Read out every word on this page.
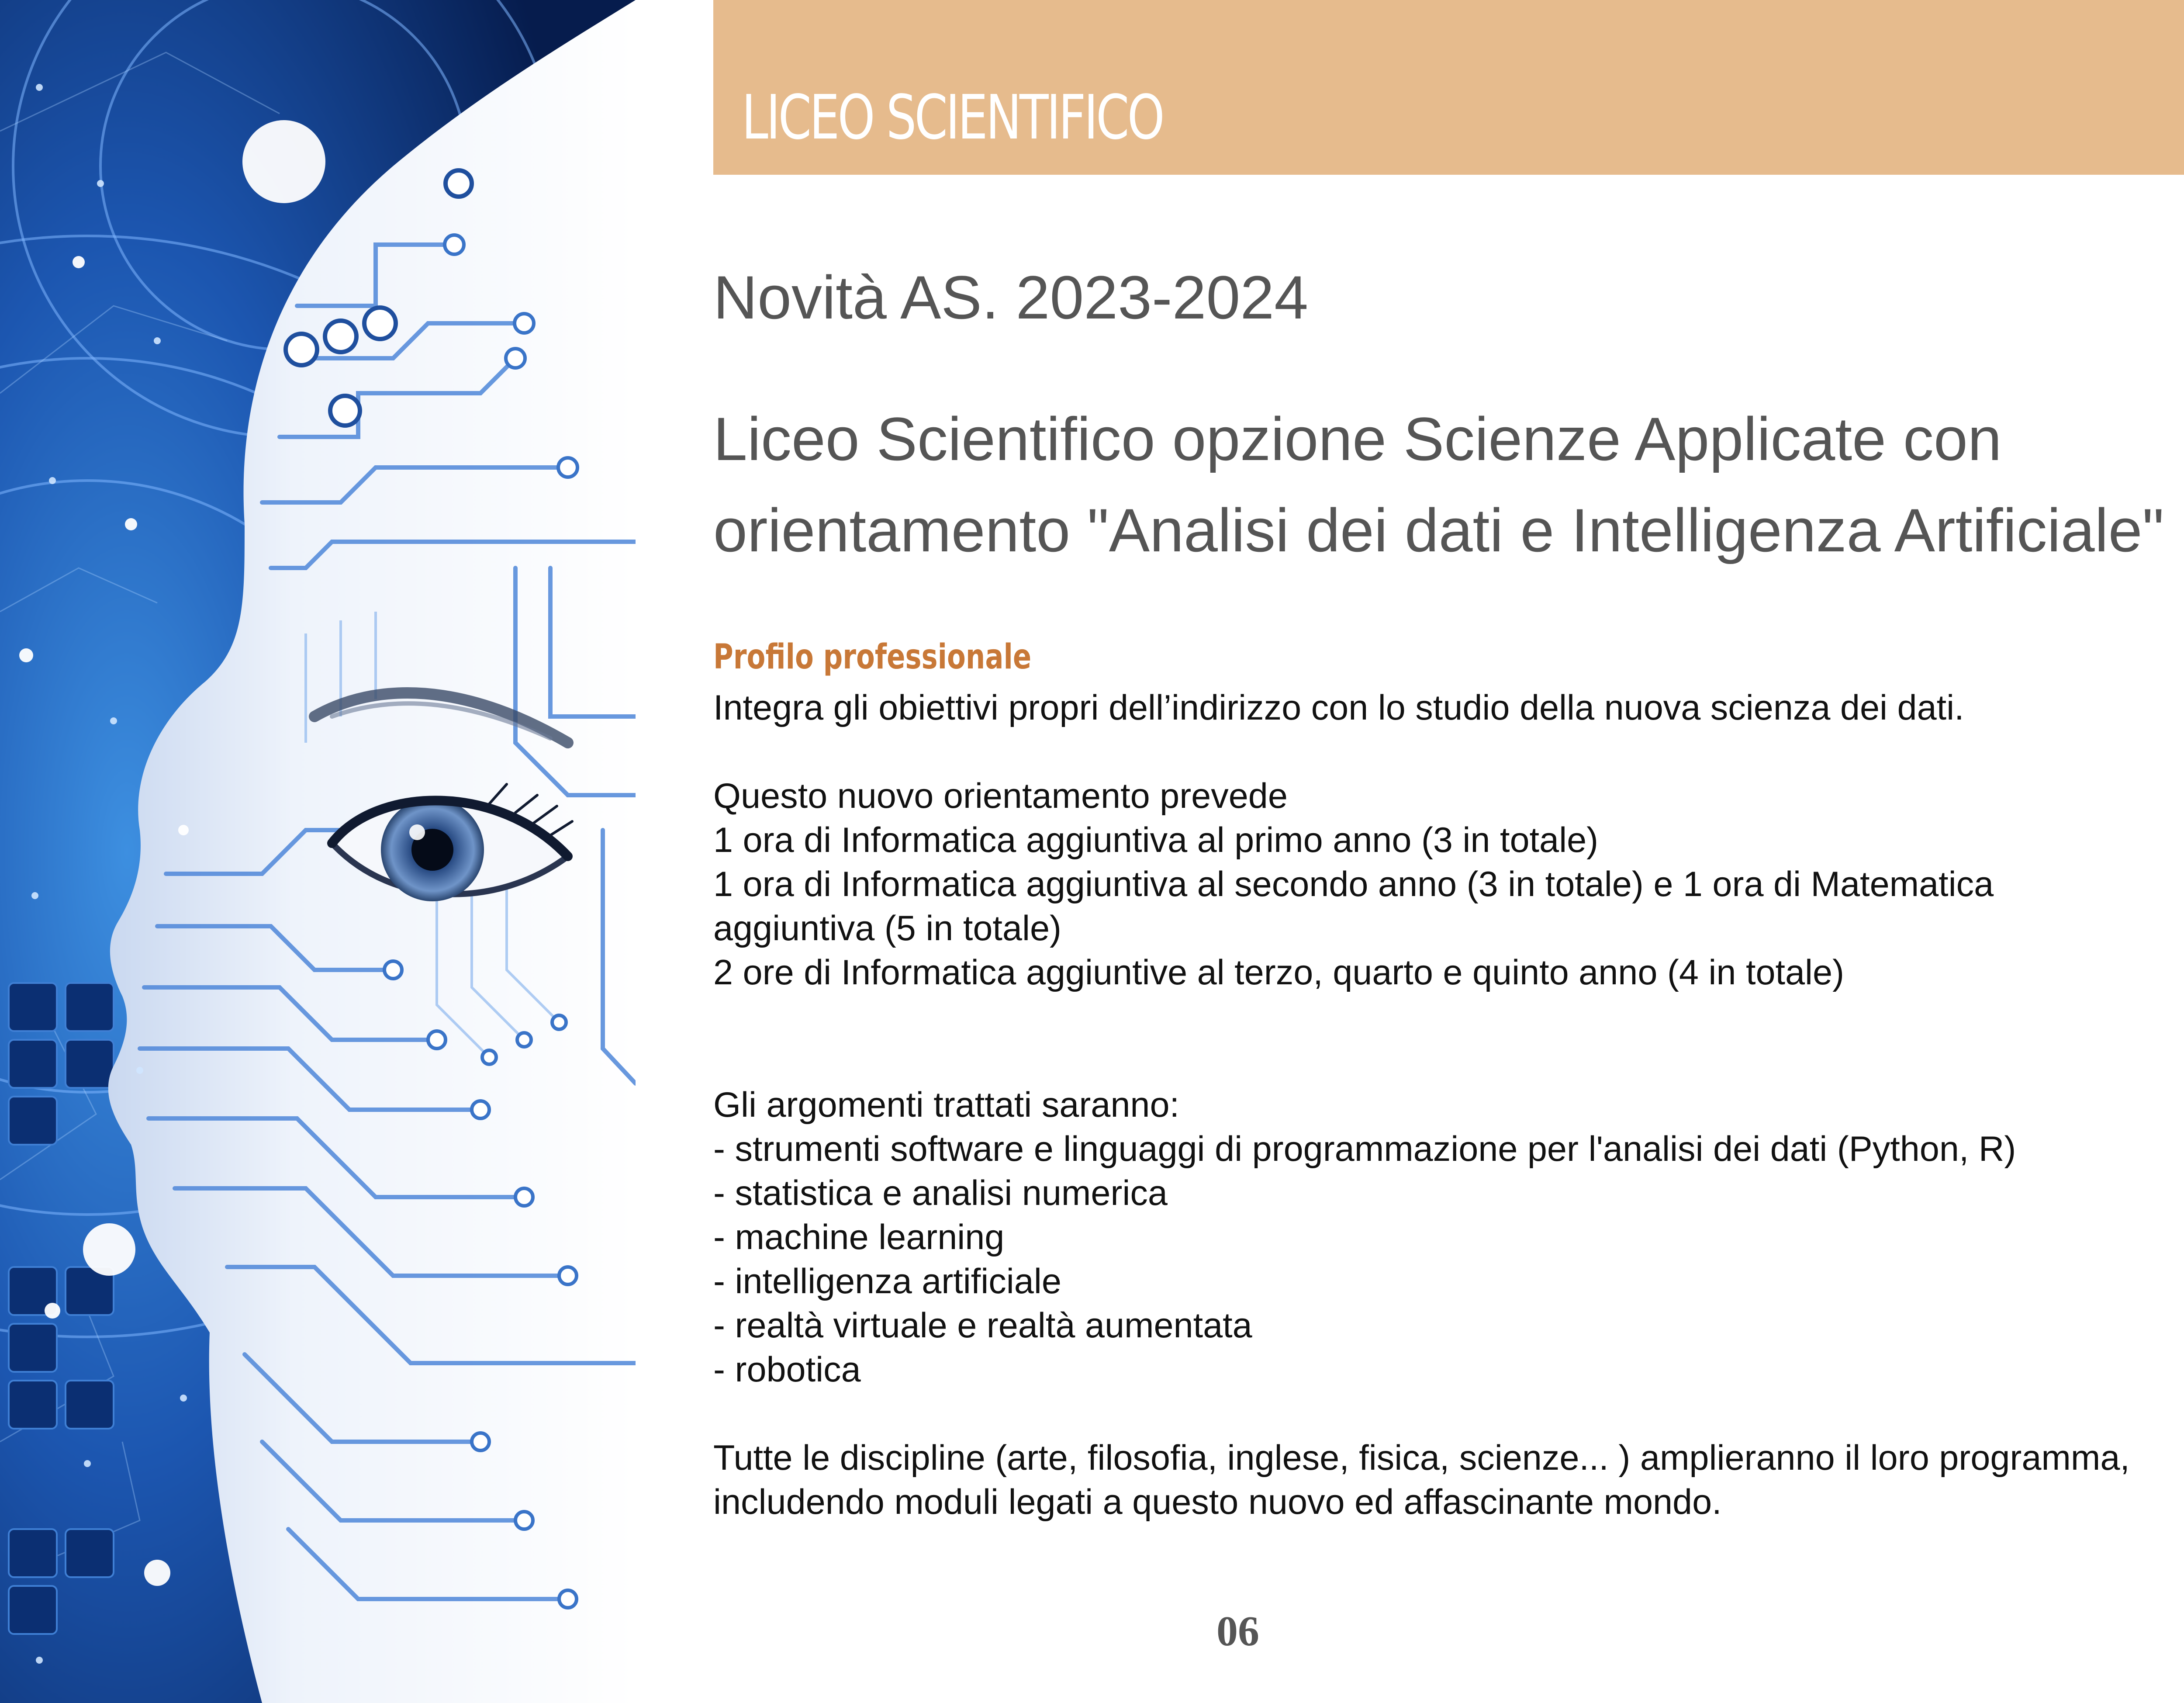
LICEO SCIENTIFICO
Novità AS. 2023-2024
Liceo Scientifico opzione Scienze Applicate con
orientamento "Analisi dei dati e Intelligenza Artificiale"
Profilo professionale
Integra gli obiettivi propri dell’indirizzo con lo studio della nuova scienza dei dati.
Questo nuovo orientamento prevede
1 ora di Informatica aggiuntiva al primo anno (3 in totale)
1 ora di Informatica aggiuntiva al secondo anno (3 in totale) e 1 ora di Matematica
aggiuntiva (5 in totale)
2 ore di Informatica aggiuntive al terzo, quarto e quinto anno (4 in totale)
Gli argomenti trattati saranno:
- strumenti software e linguaggi di programmazione per l'analisi dei dati (Python, R)
- statistica e analisi numerica
- machine learning
- intelligenza artificiale
- realtà virtuale e realtà aumentata
- robotica
Tutte le discipline (arte, filosofia, inglese, fisica, scienze... ) amplieranno il loro programma,
includendo moduli legati a questo nuovo ed affascinante mondo.
06
